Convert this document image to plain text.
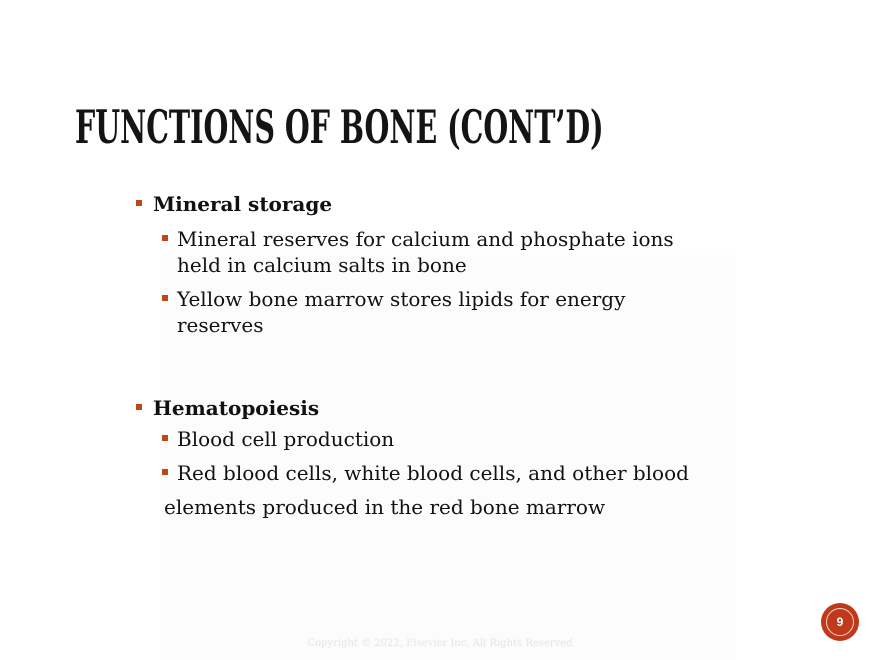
FUNCTIONS OF BONE (CONT’D)
Mineral storage
Mineral reserves for calcium and phosphate ions
held in calcium salts in bone
Yellow bone marrow stores lipids for energy
reserves
Hematopoiesis
Blood cell production
Red blood cells, white blood cells, and other blood
elements produced in the red bone marrow
Copyright © 2022, Elsevier Inc. All Rights Reserved
9
